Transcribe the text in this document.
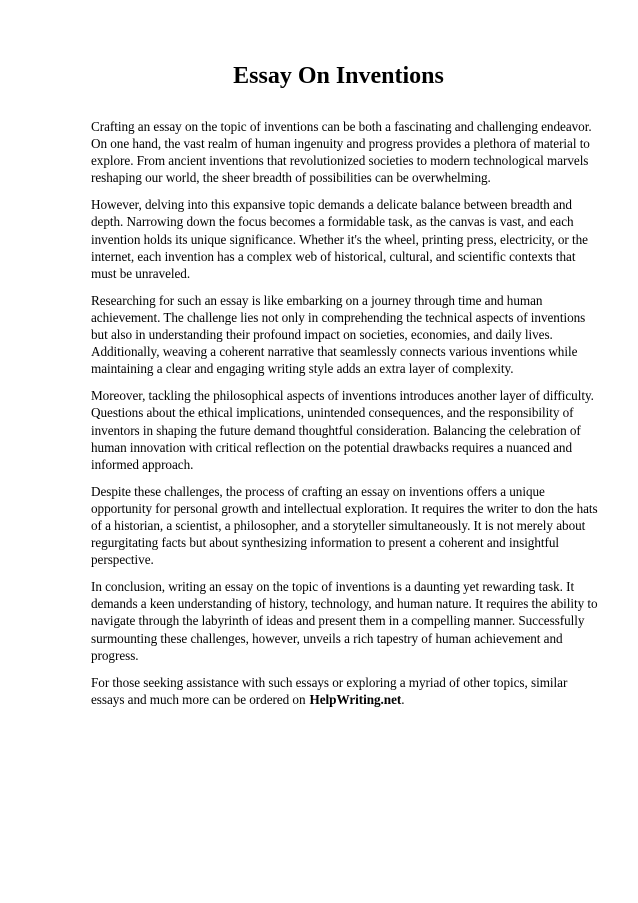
Essay On Inventions

Crafting an essay on the topic of inventions can be both a fascinating and challenging endeavor. On one hand, the vast realm of human ingenuity and progress provides a plethora of material to explore. From ancient inventions that revolutionized societies to modern technological marvels reshaping our world, the sheer breadth of possibilities can be overwhelming.

However, delving into this expansive topic demands a delicate balance between breadth and depth. Narrowing down the focus becomes a formidable task, as the canvas is vast, and each invention holds its unique significance. Whether it's the wheel, printing press, electricity, or the internet, each invention has a complex web of historical, cultural, and scientific contexts that must be unraveled.

Researching for such an essay is like embarking on a journey through time and human achievement. The challenge lies not only in comprehending the technical aspects of inventions but also in understanding their profound impact on societies, economies, and daily lives. Additionally, weaving a coherent narrative that seamlessly connects various inventions while maintaining a clear and engaging writing style adds an extra layer of complexity.

Moreover, tackling the philosophical aspects of inventions introduces another layer of difficulty. Questions about the ethical implications, unintended consequences, and the responsibility of inventors in shaping the future demand thoughtful consideration. Balancing the celebration of human innovation with critical reflection on the potential drawbacks requires a nuanced and informed approach.

Despite these challenges, the process of crafting an essay on inventions offers a unique opportunity for personal growth and intellectual exploration. It requires the writer to don the hats of a historian, a scientist, a philosopher, and a storyteller simultaneously. It is not merely about regurgitating facts but about synthesizing information to present a coherent and insightful perspective.

In conclusion, writing an essay on the topic of inventions is a daunting yet rewarding task. It demands a keen understanding of history, technology, and human nature. It requires the ability to navigate through the labyrinth of ideas and present them in a compelling manner. Successfully surmounting these challenges, however, unveils a rich tapestry of human achievement and progress.

For those seeking assistance with such essays or exploring a myriad of other topics, similar essays and much more can be ordered on HelpWriting.net.
